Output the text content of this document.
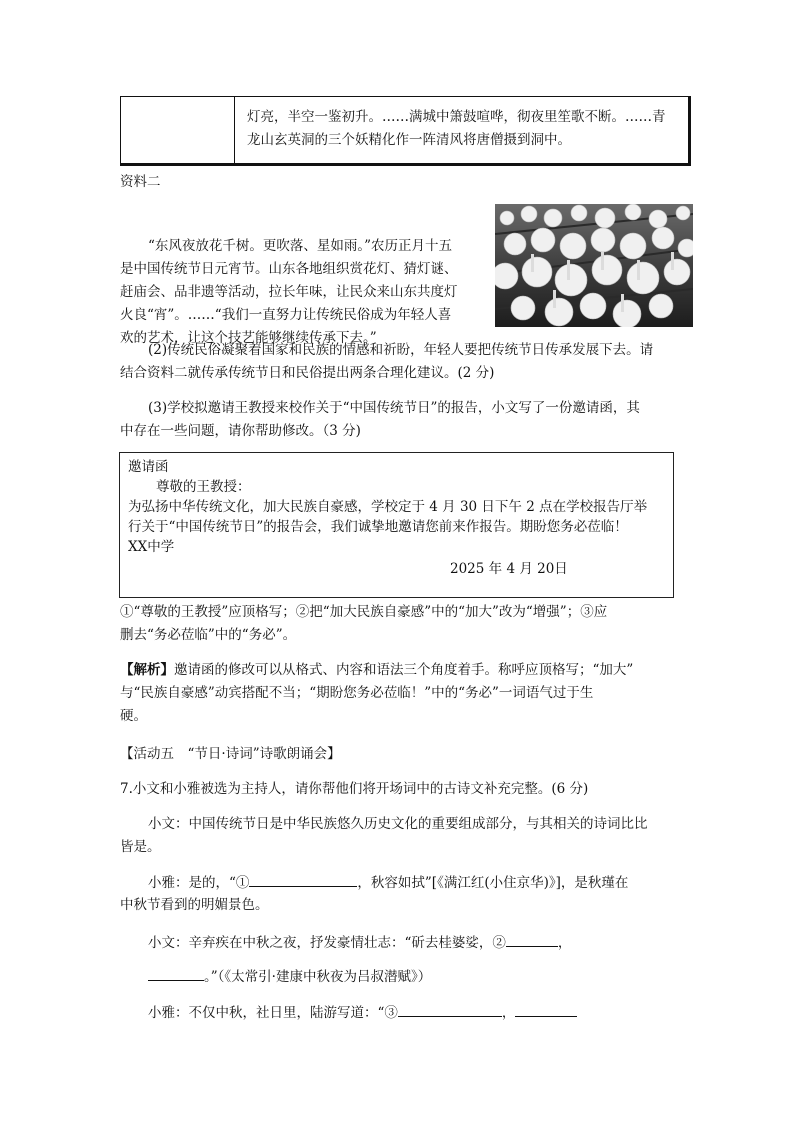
灯亮，半空一鉴初升。……满城中箫鼓喧哗，彻夜里笙歌不断。……青
龙山玄英洞的三个妖精化作一阵清风将唐僧摄到洞中。
资料二
“东风夜放花千树。更吹落、星如雨。”农历正月十五
是中国传统节日元宵节。山东各地组织赏花灯、猜灯谜、
赶庙会、品非遗等活动，拉长年味，让民众来山东共度灯
火良“宵”。……“我们一直努力让传统民俗成为年轻人喜
欢的艺术，让这个技艺能够继续传承下去。”
(2)传统民俗凝聚着国家和民族的情感和祈盼，年轻人要把传统节日传承发展下去。请
结合资料二就传承传统节日和民俗提出两条合理化建议。(2 分)
(3)学校拟邀请王教授来校作关于“中国传统节日”的报告，小文写了一份邀请函，其
中存在一些问题，请你帮助修改。（3 分)
邀请函
尊敬的王教授：
为弘扬中华传统文化，加大民族自豪感，学校定于 4 月 30 日下午 2 点在学校报告厅举
行关于“中国传统节日”的报告会，我们诚挚地邀请您前来作报告。期盼您务必莅临！
XX中学
2025 年 4 月 20日
①“尊敬的王教授”应顶格写；②把“加大民族自豪感”中的“加大”改为“增强”；③应
删去“务必莅临”中的“务必”。
【解析】邀请函的修改可以从格式、内容和语法三个角度着手。称呼应顶格写；“加大”
与“民族自豪感”动宾搭配不当；“期盼您务必莅临！”中的“务必”一词语气过于生
硬。
【活动五　“节日·诗词”诗歌朗诵会】
7.小文和小雅被选为主持人，请你帮他们将开场词中的古诗文补充完整。(6 分)
小文：中国传统节日是中华民族悠久历史文化的重要组成部分，与其相关的诗词比比
皆是。
小雅：是的，“①	，秋容如拭”[《满江红(小住京华)》]，是秋瑾在
中秋节看到的明媚景色。
小文：辛弃疾在中秋之夜，抒发豪情壮志：“斫去桂婆娑，②	，
。”（《太常引·建康中秋夜为吕叔潜赋》）
小雅：不仅中秋，社日里，陆游写道：“③	，
